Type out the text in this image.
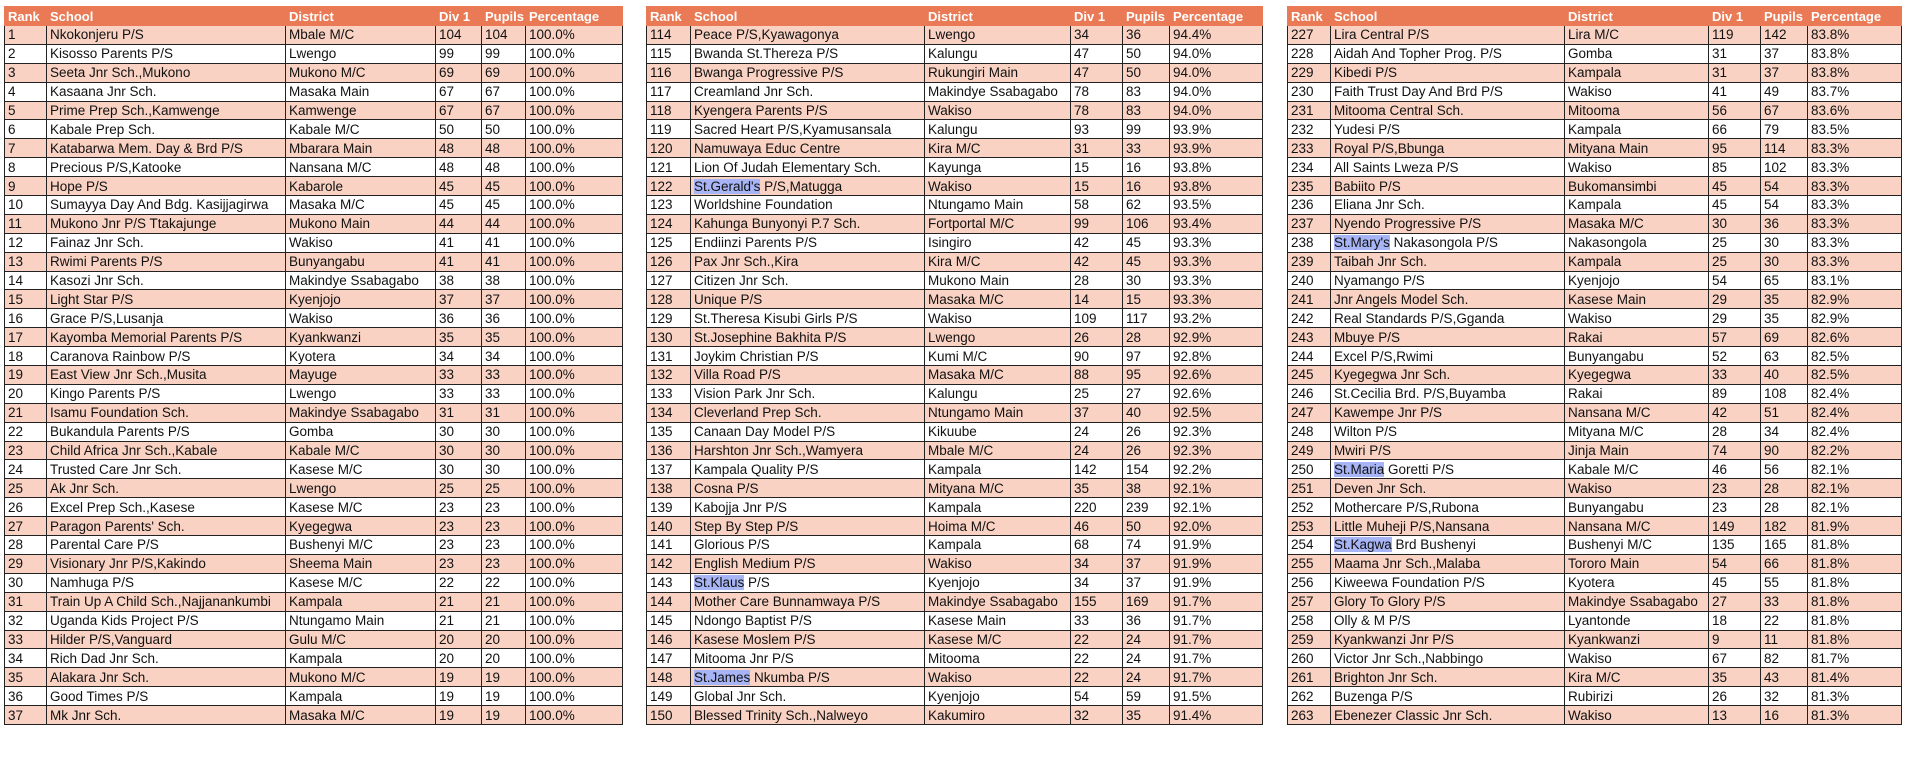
Rank	School	District	Div 1	Pupils	Percentage
1	Nkokonjeru P/S	Mbale M/C	104	104	100.0%
2	Kisosso Parents P/S	Lwengo	99	99	100.0%
3	Seeta Jnr Sch.,Mukono	Mukono M/C	69	69	100.0%
4	Kasaana Jnr Sch.	Masaka Main	67	67	100.0%
5	Prime Prep Sch.,Kamwenge	Kamwenge	67	67	100.0%
6	Kabale Prep Sch.	Kabale M/C	50	50	100.0%
7	Katabarwa Mem. Day & Brd P/S	Mbarara Main	48	48	100.0%
8	Precious P/S,Katooke	Nansana M/C	48	48	100.0%
9	Hope P/S	Kabarole	45	45	100.0%
10	Sumayya Day And Bdg. Kasijjagirwa	Masaka M/C	45	45	100.0%
11	Mukono Jnr P/S Ttakajunge	Mukono Main	44	44	100.0%
12	Fainaz Jnr Sch.	Wakiso	41	41	100.0%
13	Rwimi Parents P/S	Bunyangabu	41	41	100.0%
14	Kasozi Jnr Sch.	Makindye Ssabagabo	38	38	100.0%
15	Light Star P/S	Kyenjojo	37	37	100.0%
16	Grace P/S,Lusanja	Wakiso	36	36	100.0%
17	Kayomba Memorial Parents P/S	Kyankwanzi	35	35	100.0%
18	Caranova Rainbow P/S	Kyotera	34	34	100.0%
19	East View Jnr Sch.,Musita	Mayuge	33	33	100.0%
20	Kingo Parents P/S	Lwengo	33	33	100.0%
21	Isamu Foundation Sch.	Makindye Ssabagabo	31	31	100.0%
22	Bukandula Parents P/S	Gomba	30	30	100.0%
23	Child Africa Jnr Sch.,Kabale	Kabale M/C	30	30	100.0%
24	Trusted Care Jnr Sch.	Kasese M/C	30	30	100.0%
25	Ak Jnr Sch.	Lwengo	25	25	100.0%
26	Excel Prep Sch.,Kasese	Kasese M/C	23	23	100.0%
27	Paragon Parents' Sch.	Kyegegwa	23	23	100.0%
28	Parental Care P/S	Bushenyi M/C	23	23	100.0%
29	Visionary Jnr P/S,Kakindo	Sheema Main	23	23	100.0%
30	Namhuga P/S	Kasese M/C	22	22	100.0%
31	Train Up A Child Sch.,Najjanankumbi	Kampala	21	21	100.0%
32	Uganda Kids Project P/S	Ntungamo Main	21	21	100.0%
33	Hilder P/S,Vanguard	Gulu M/C	20	20	100.0%
34	Rich Dad Jnr Sch.	Kampala	20	20	100.0%
35	Alakara Jnr Sch.	Mukono M/C	19	19	100.0%
36	Good Times P/S	Kampala	19	19	100.0%
37	Mk Jnr Sch.	Masaka M/C	19	19	100.0%
Rank	School	District	Div 1	Pupils	Percentage
114	Peace P/S,Kyawagonya	Lwengo	34	36	94.4%
115	Bwanda St.Thereza P/S	Kalungu	47	50	94.0%
116	Bwanga Progressive P/S	Rukungiri Main	47	50	94.0%
117	Creamland Jnr Sch.	Makindye Ssabagabo	78	83	94.0%
118	Kyengera Parents P/S	Wakiso	78	83	94.0%
119	Sacred Heart P/S,Kyamusansala	Kalungu	93	99	93.9%
120	Namuwaya Educ Centre	Kira M/C	31	33	93.9%
121	Lion Of Judah Elementary Sch.	Kayunga	15	16	93.8%
122	St.Gerald's P/S,Matugga	Wakiso	15	16	93.8%
123	Worldshine Foundation	Ntungamo Main	58	62	93.5%
124	Kahunga Bunyonyi P.7 Sch.	Fortportal M/C	99	106	93.4%
125	Endiinzi Parents P/S	Isingiro	42	45	93.3%
126	Pax Jnr Sch.,Kira	Kira M/C	42	45	93.3%
127	Citizen Jnr Sch.	Mukono Main	28	30	93.3%
128	Unique P/S	Masaka M/C	14	15	93.3%
129	St.Theresa Kisubi Girls P/S	Wakiso	109	117	93.2%
130	St.Josephine Bakhita P/S	Lwengo	26	28	92.9%
131	Joykim Christian P/S	Kumi M/C	90	97	92.8%
132	Villa Road P/S	Masaka M/C	88	95	92.6%
133	Vision Park Jnr Sch.	Kalungu	25	27	92.6%
134	Cleverland Prep Sch.	Ntungamo Main	37	40	92.5%
135	Canaan Day Model P/S	Kikuube	24	26	92.3%
136	Harshton Jnr Sch.,Wamyera	Mbale M/C	24	26	92.3%
137	Kampala Quality P/S	Kampala	142	154	92.2%
138	Cosna P/S	Mityana M/C	35	38	92.1%
139	Kabojja Jnr P/S	Kampala	220	239	92.1%
140	Step By Step P/S	Hoima M/C	46	50	92.0%
141	Glorious P/S	Kampala	68	74	91.9%
142	English Medium P/S	Wakiso	34	37	91.9%
143	St.Klaus P/S	Kyenjojo	34	37	91.9%
144	Mother Care Bunnamwaya P/S	Makindye Ssabagabo	155	169	91.7%
145	Ndongo Baptist P/S	Kasese Main	33	36	91.7%
146	Kasese Moslem P/S	Kasese M/C	22	24	91.7%
147	Mitooma Jnr P/S	Mitooma	22	24	91.7%
148	St.James Nkumba P/S	Wakiso	22	24	91.7%
149	Global Jnr Sch.	Kyenjojo	54	59	91.5%
150	Blessed Trinity Sch.,Nalweyo	Kakumiro	32	35	91.4%
Rank	School	District	Div 1	Pupils	Percentage
227	Lira Central P/S	Lira M/C	119	142	83.8%
228	Aidah And Topher Prog. P/S	Gomba	31	37	83.8%
229	Kibedi P/S	Kampala	31	37	83.8%
230	Faith Trust Day And Brd P/S	Wakiso	41	49	83.7%
231	Mitooma Central Sch.	Mitooma	56	67	83.6%
232	Yudesi P/S	Kampala	66	79	83.5%
233	Royal P/S,Bbunga	Mityana Main	95	114	83.3%
234	All Saints Lweza P/S	Wakiso	85	102	83.3%
235	Babiito P/S	Bukomansimbi	45	54	83.3%
236	Eliana Jnr Sch.	Kampala	45	54	83.3%
237	Nyendo Progressive P/S	Masaka M/C	30	36	83.3%
238	St.Mary's Nakasongola P/S	Nakasongola	25	30	83.3%
239	Taibah Jnr Sch.	Kampala	25	30	83.3%
240	Nyamango P/S	Kyenjojo	54	65	83.1%
241	Jnr Angels Model Sch.	Kasese Main	29	35	82.9%
242	Real Standards P/S,Gganda	Wakiso	29	35	82.9%
243	Mbuye P/S	Rakai	57	69	82.6%
244	Excel P/S,Rwimi	Bunyangabu	52	63	82.5%
245	Kyegegwa Jnr Sch.	Kyegegwa	33	40	82.5%
246	St.Cecilia Brd. P/S,Buyamba	Rakai	89	108	82.4%
247	Kawempe Jnr P/S	Nansana M/C	42	51	82.4%
248	Wilton P/S	Mityana M/C	28	34	82.4%
249	Mwiri P/S	Jinja Main	74	90	82.2%
250	St.Maria Goretti P/S	Kabale M/C	46	56	82.1%
251	Deven Jnr Sch.	Wakiso	23	28	82.1%
252	Mothercare P/S,Rubona	Bunyangabu	23	28	82.1%
253	Little Muheji P/S,Nansana	Nansana M/C	149	182	81.9%
254	St.Kagwa Brd Bushenyi	Bushenyi M/C	135	165	81.8%
255	Maama Jnr Sch.,Malaba	Tororo Main	54	66	81.8%
256	Kiweewa Foundation P/S	Kyotera	45	55	81.8%
257	Glory To Glory P/S	Makindye Ssabagabo	27	33	81.8%
258	Olly & M P/S	Lyantonde	18	22	81.8%
259	Kyankwanzi Jnr P/S	Kyankwanzi	9	11	81.8%
260	Victor Jnr Sch.,Nabbingo	Wakiso	67	82	81.7%
261	Brighton Jnr Sch.	Kira M/C	35	43	81.4%
262	Buzenga P/S	Rubirizi	26	32	81.3%
263	Ebenezer Classic Jnr Sch.	Wakiso	13	16	81.3%
